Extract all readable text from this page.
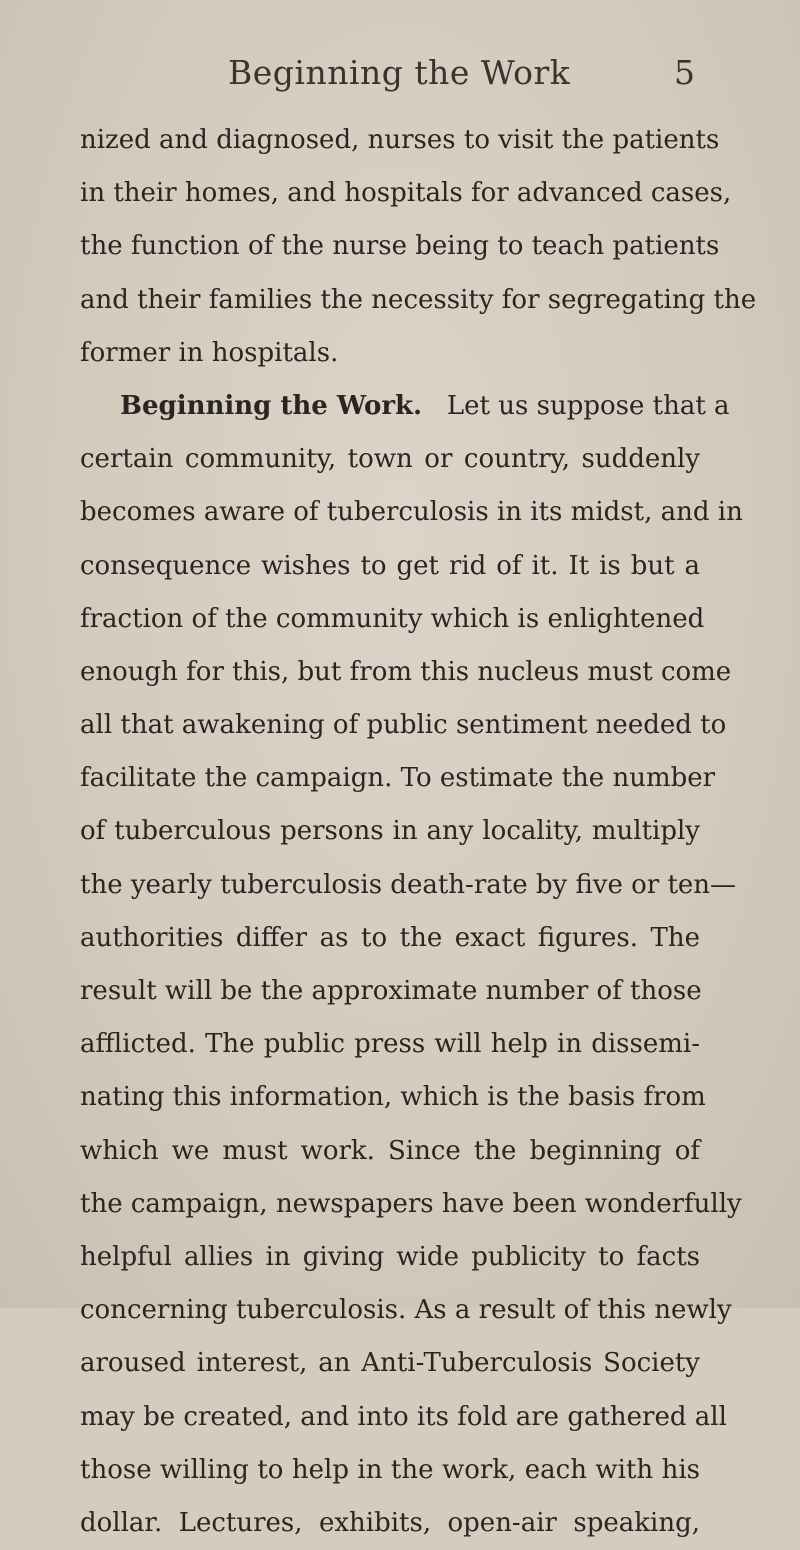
Beginning the Work	5
nized and diagnosed, nurses to visit the patients
in their homes, and hospitals for advanced cases,
the function of the nurse being to teach patients
and their families the necessity for segregating the
former in hospitals.
Beginning the Work. Let us suppose that a
certain community, town or country, suddenly
becomes aware of tuberculosis in its midst, and in
consequence wishes to get rid of it. It is but a
fraction of the community which is enlightened
enough for this, but from this nucleus must come
all that awakening of public sentiment needed to
facilitate the campaign. To estimate the number
of tuberculous persons in any locality, multiply
the yearly tuberculosis death-rate by five or ten—
authorities differ as to the exact figures. The
result will be the approximate number of those
afflicted. The public press will help in dissemi-
nating this information, which is the basis from
which we must work. Since the beginning of
the campaign, newspapers have been wonderfully
helpful allies in giving wide publicity to facts
concerning tuberculosis. As a result of this newly
aroused interest, an Anti-Tuberculosis Society
may be created, and into its fold are gathered all
those willing to help in the work, each with his
dollar. Lectures, exhibits, open-air speaking,
